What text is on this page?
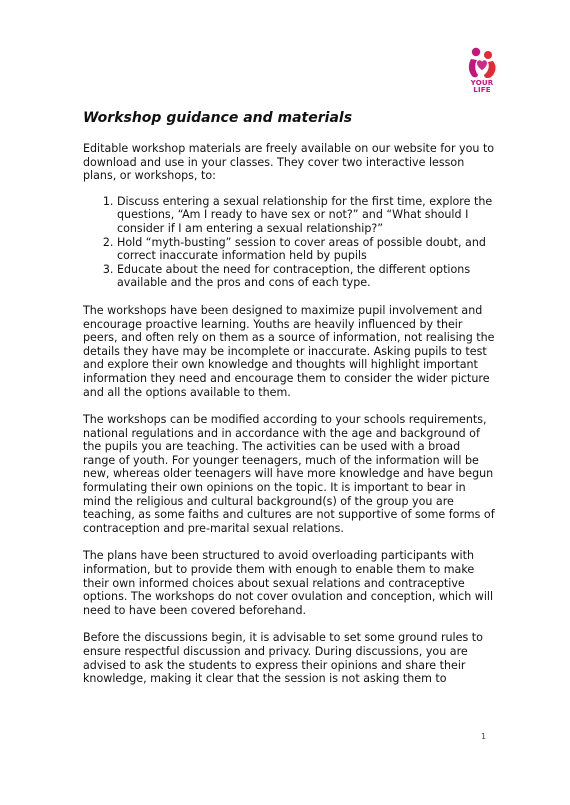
YOUR
LIFE
Workshop guidance and materials

Editable workshop materials are freely available on our website for you to download and use in your classes. They cover two interactive lesson plans, or workshops, to:

1. Discuss entering a sexual relationship for the first time, explore the questions, “Am I ready to have sex or not?” and “What should I consider if I am entering a sexual relationship?”
2. Hold “myth-busting” session to cover areas of possible doubt, and correct inaccurate information held by pupils
3. Educate about the need for contraception, the different options available and the pros and cons of each type.

The workshops have been designed to maximize pupil involvement and encourage proactive learning. Youths are heavily influenced by their peers, and often rely on them as a source of information, not realising the details they have may be incomplete or inaccurate. Asking pupils to test and explore their own knowledge and thoughts will highlight important information they need and encourage them to consider the wider picture and all the options available to them.

The workshops can be modified according to your schools requirements, national regulations and in accordance with the age and background of the pupils you are teaching. The activities can be used with a broad range of youth. For younger teenagers, much of the information will be new, whereas older teenagers will have more knowledge and have begun formulating their own opinions on the topic. It is important to bear in mind the religious and cultural background(s) of the group you are teaching, as some faiths and cultures are not supportive of some forms of contraception and pre-marital sexual relations.

The plans have been structured to avoid overloading participants with information, but to provide them with enough to enable them to make their own informed choices about sexual relations and contraceptive options. The workshops do not cover ovulation and conception, which will need to have been covered beforehand.

Before the discussions begin, it is advisable to set some ground rules to ensure respectful discussion and privacy. During discussions, you are advised to ask the students to express their opinions and share their knowledge, making it clear that the session is not asking them to

1
